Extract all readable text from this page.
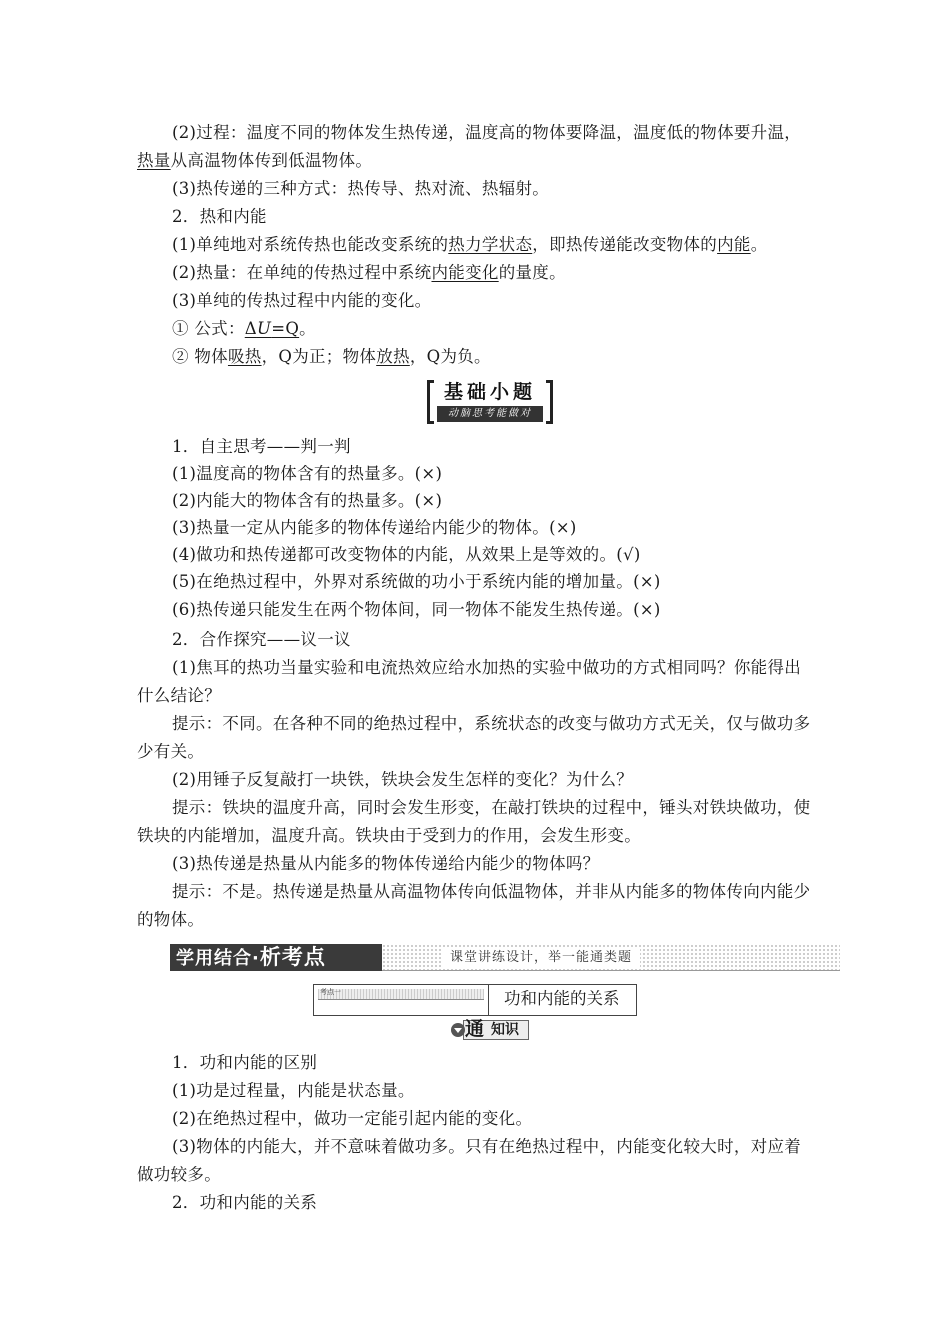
(2)过程：温度不同的物体发生热传递，温度高的物体要降温，温度低的物体要升温，
热量从高温物体传到低温物体。
(3)热传递的三种方式：热传导、热对流、热辐射。
2．热和内能
(1)单纯地对系统传热也能改变系统的热力学状态，即热传递能改变物体的内能。
(2)热量：在单纯的传热过程中系统内能变化的量度。
(3)单纯的传热过程中内能的变化。
① 公式：ΔU=Q。
② 物体吸热，Q为正；物体放热，Q为负。
基础小题
动脑思考能做对
1．自主思考——判一判
(1)温度高的物体含有的热量多。(×)
(2)内能大的物体含有的热量多。(×)
(3)热量一定从内能多的物体传递给内能少的物体。(×)
(4)做功和热传递都可改变物体的内能，从效果上是等效的。(√)
(5)在绝热过程中，外界对系统做的功小于系统内能的增加量。(×)
(6)热传递只能发生在两个物体间，同一物体不能发生热传递。(×)
2．合作探究——议一议
(1)焦耳的热功当量实验和电流热效应给水加热的实验中做功的方式相同吗？你能得出
什么结论？
提示：不同。在各种不同的绝热过程中，系统状态的改变与做功方式无关，仅与做功多
少有关。
(2)用锤子反复敲打一块铁，铁块会发生怎样的变化？为什么？
提示：铁块的温度升高，同时会发生形变，在敲打铁块的过程中，锤头对铁块做功，使
铁块的内能增加，温度升高。铁块由于受到力的作用，会发生形变。
(3)热传递是热量从内能多的物体传递给内能少的物体吗？
提示：不是。热传递是热量从高温物体传向低温物体，并非从内能多的物体传向内能少
的物体。
学用结合·析考点	课堂讲练设计，举一能通类题
考点一	功和内能的关系
通 知识
1．功和内能的区别
(1)功是过程量，内能是状态量。
(2)在绝热过程中，做功一定能引起内能的变化。
(3)物体的内能大，并不意味着做功多。只有在绝热过程中，内能变化较大时，对应着
做功较多。
2．功和内能的关系
